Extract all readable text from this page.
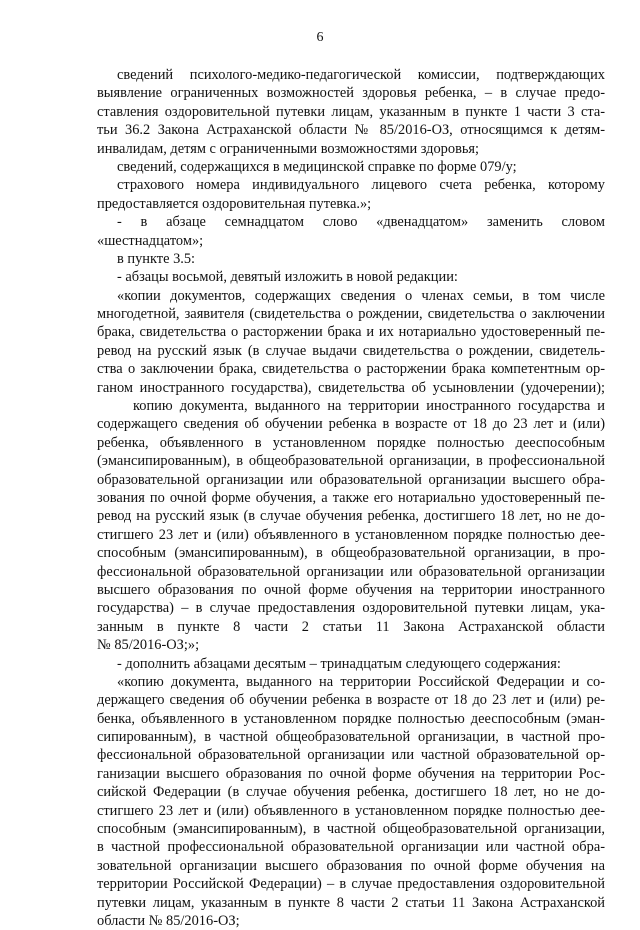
6
сведений психолого-медико-педагогической комиссии, подтверждающих
выявление ограниченных возможностей здоровья ребенка, – в случае предо-
ставления оздоровительной путевки лицам, указанным в пункте 1 части 3 ста-
тьи 36.2 Закона Астраханской области № 85/2016-ОЗ, относящимся к детям-
инвалидам, детям с ограниченными возможностями здоровья;
сведений, содержащихся в медицинской справке по форме 079/у;
страхового номера индивидуального лицевого счета ребенка, которому
предоставляется оздоровительная путевка.»;
- в абзаце семнадцатом слово «двенадцатом» заменить словом
«шестнадцатом»;
в пункте 3.5:
- абзацы восьмой, девятый изложить в новой редакции:
«копии документов, содержащих сведения о членах семьи, в том числе
многодетной, заявителя (свидетельства о рождении, свидетельства о заключении
брака, свидетельства о расторжении брака и их нотариально удостоверенный пе-
ревод на русский язык (в случае выдачи свидетельства о рождении, свидетель-
ства о заключении брака, свидетельства о расторжении брака компетентным ор-
ганом иностранного государства), свидетельства об усыновлении (удочерении);
копию документа, выданного на территории иностранного государства и
содержащего сведения об обучении ребенка в возрасте от 18 до 23 лет и (или)
ребенка, объявленного в установленном порядке полностью дееспособным
(эмансипированным), в общеобразовательной организации, в профессиональной
образовательной организации или образовательной организации высшего обра-
зования по очной форме обучения, а также его нотариально удостоверенный пе-
ревод на русский язык (в случае обучения ребенка, достигшего 18 лет, но не до-
стигшего 23 лет и (или) объявленного в установленном порядке полностью дее-
способным (эмансипированным), в общеобразовательной организации, в про-
фессиональной образовательной организации или образовательной организации
высшего образования по очной форме обучения на территории иностранного
государства) – в случае предоставления оздоровительной путевки лицам, ука-
занным в пункте 8 части 2 статьи 11 Закона Астраханской области
№ 85/2016-ОЗ;»;
- дополнить абзацами десятым – тринадцатым следующего содержания:
«копию документа, выданного на территории Российской Федерации и со-
держащего сведения об обучении ребенка в возрасте от 18 до 23 лет и (или) ре-
бенка, объявленного в установленном порядке полностью дееспособным (эман-
сипированным), в частной общеобразовательной организации, в частной про-
фессиональной образовательной организации или частной образовательной ор-
ганизации высшего образования по очной форме обучения на территории Рос-
сийской Федерации (в случае обучения ребенка, достигшего 18 лет, но не до-
стигшего 23 лет и (или) объявленного в установленном порядке полностью дее-
способным (эмансипированным), в частной общеобразовательной организации,
в частной профессиональной образовательной организации или частной обра-
зовательной организации высшего образования по очной форме обучения на
территории Российской Федерации) – в случае предоставления оздоровительной
путевки лицам, указанным в пункте 8 части 2 статьи 11 Закона Астраханской
области № 85/2016-ОЗ;
